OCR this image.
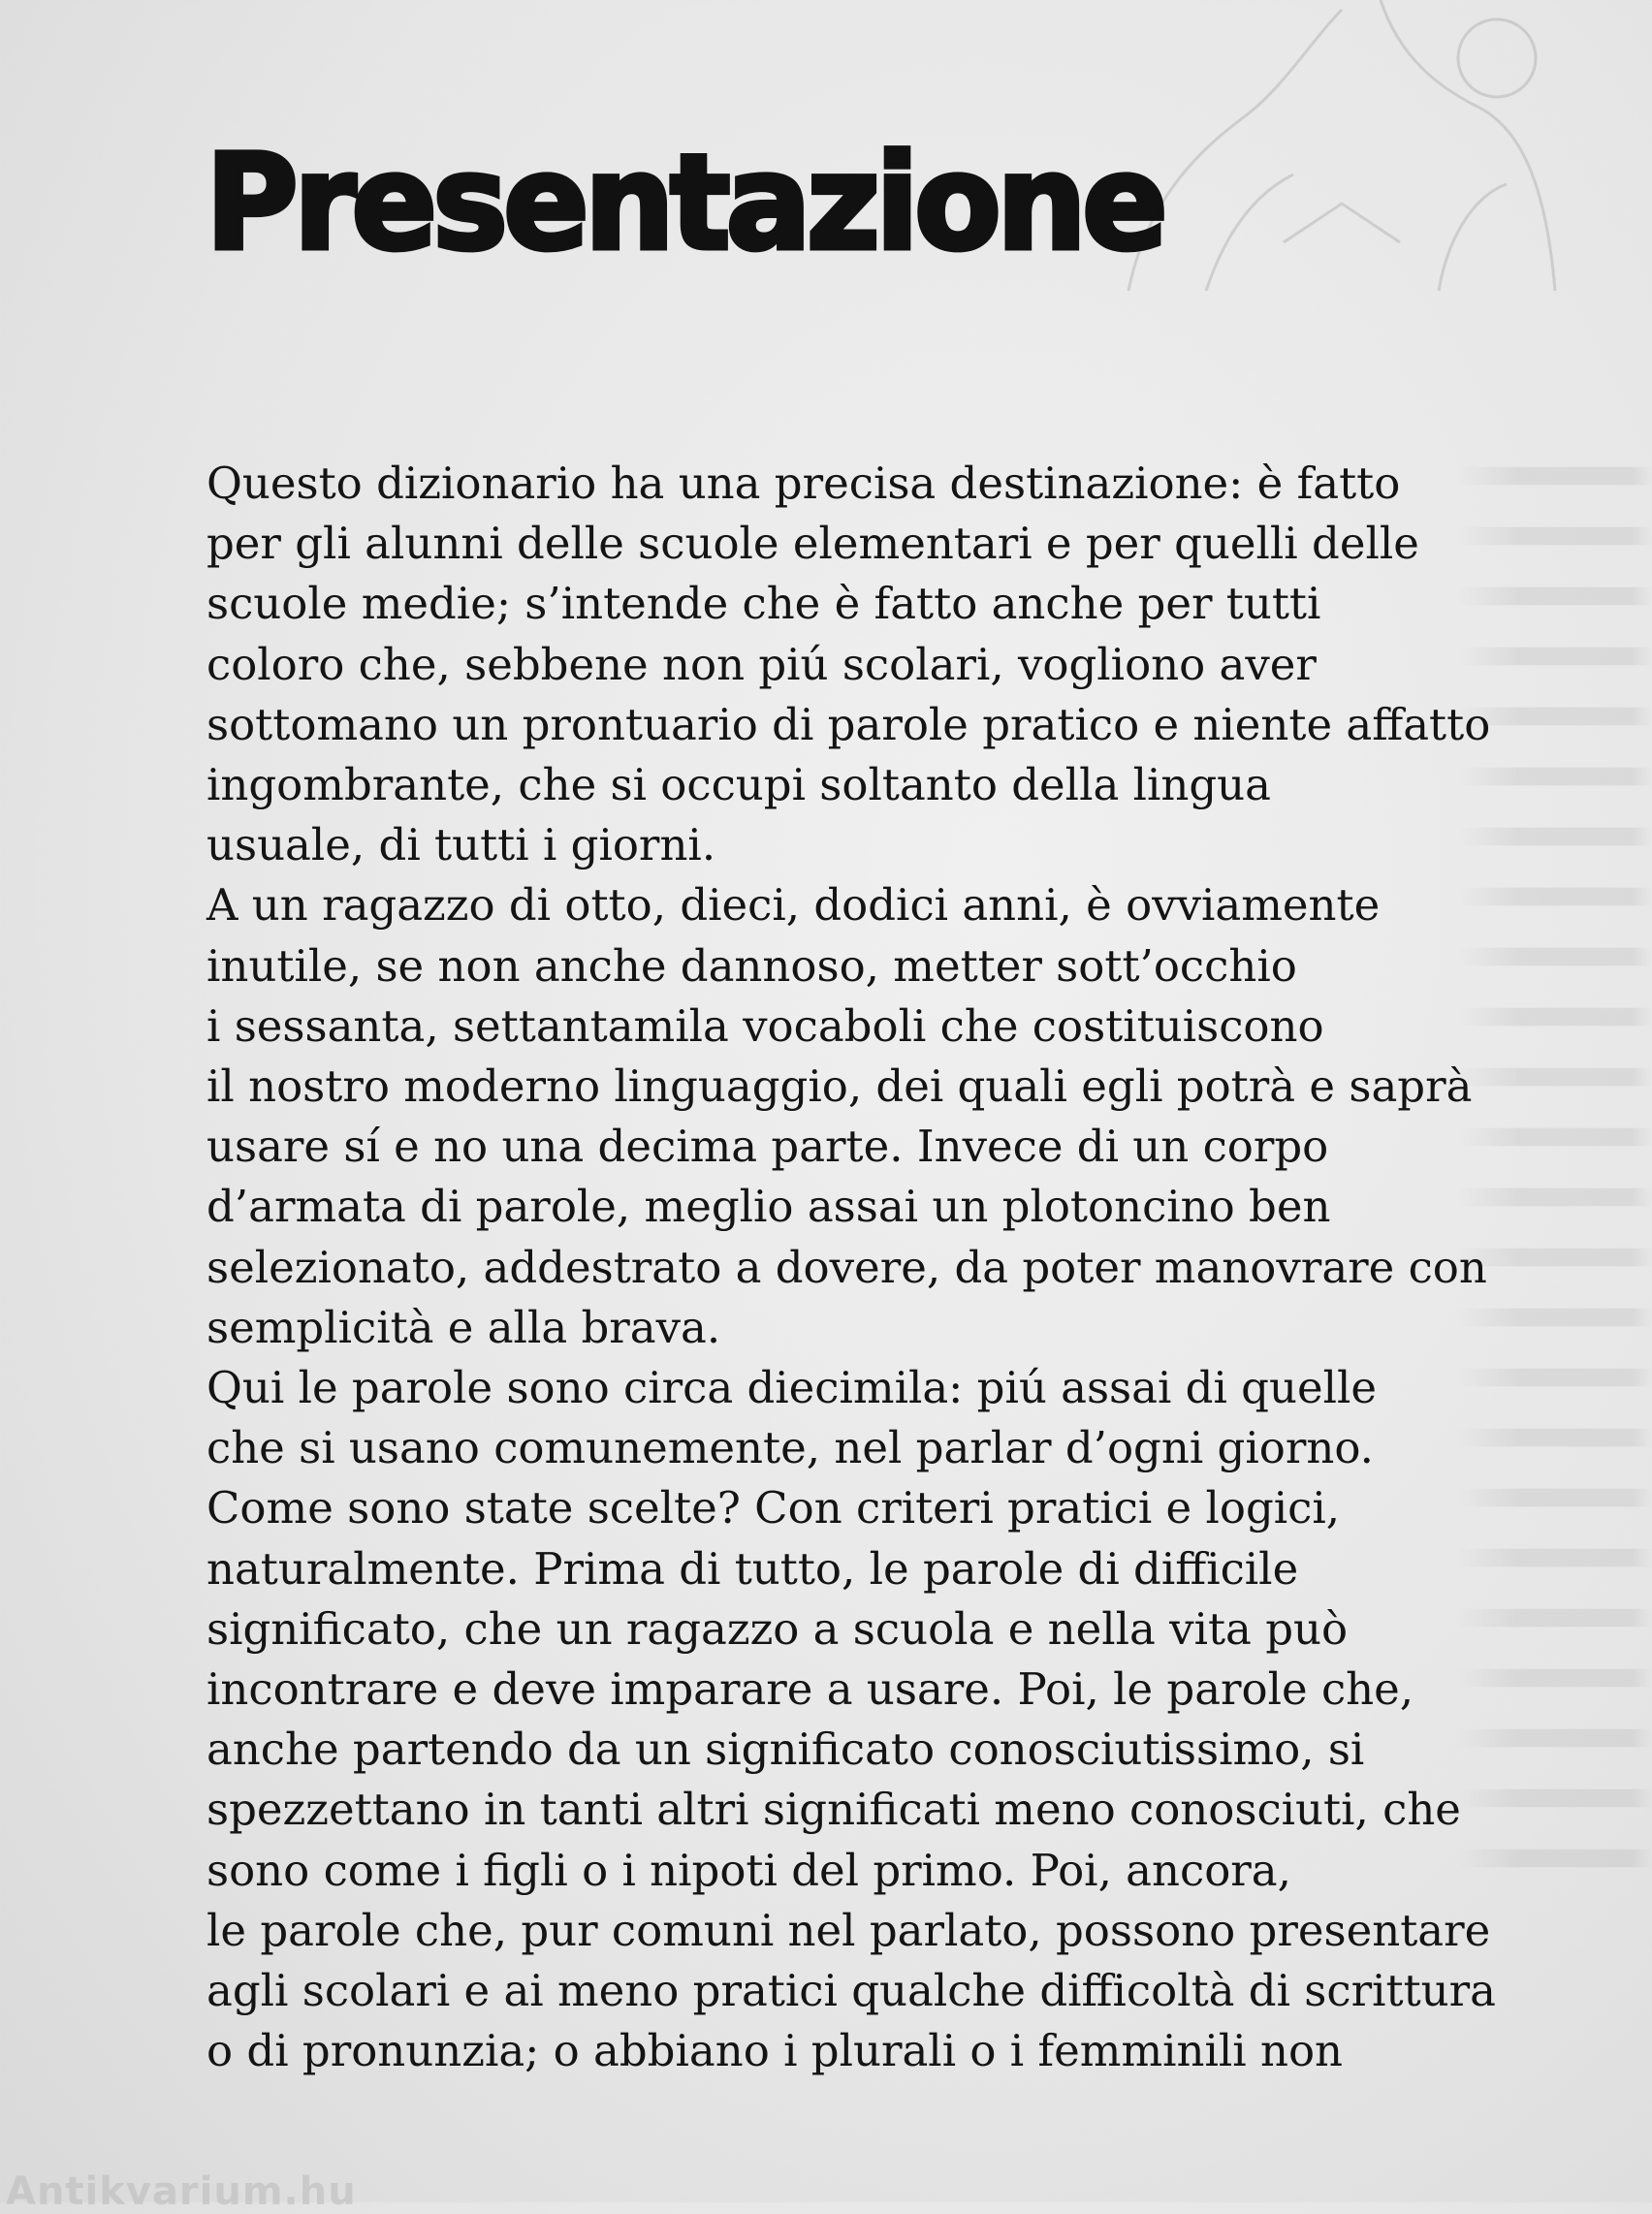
Presentazione
Questo dizionario ha una precisa destinazione: è fatto
per gli alunni delle scuole elementari e per quelli delle
scuole medie; s’intende che è fatto anche per tutti
coloro che, sebbene non piú scolari, vogliono aver
sottomano un prontuario di parole pratico e niente affatto
ingombrante, che si occupi soltanto della lingua
usuale, di tutti i giorni.
A un ragazzo di otto, dieci, dodici anni, è ovviamente
inutile, se non anche dannoso, metter sott’occhio
i sessanta, settantamila vocaboli che costituiscono
il nostro moderno linguaggio, dei quali egli potrà e saprà
usare sí e no una decima parte. Invece di un corpo
d’armata di parole, meglio assai un plotoncino ben
selezionato, addestrato a dovere, da poter manovrare con
semplicità e alla brava.
Qui le parole sono circa diecimila: piú assai di quelle
che si usano comunemente, nel parlar d’ogni giorno.
Come sono state scelte? Con criteri pratici e logici,
naturalmente. Prima di tutto, le parole di difficile
significato, che un ragazzo a scuola e nella vita può
incontrare e deve imparare a usare. Poi, le parole che,
anche partendo da un significato conosciutissimo, si
spezzettano in tanti altri significati meno conosciuti, che
sono come i figli o i nipoti del primo. Poi, ancora,
le parole che, pur comuni nel parlato, possono presentare
agli scolari e ai meno pratici qualche difficoltà di scrittura
o di pronunzia; o abbiano i plurali o i femminili non
Antikvarium.hu
